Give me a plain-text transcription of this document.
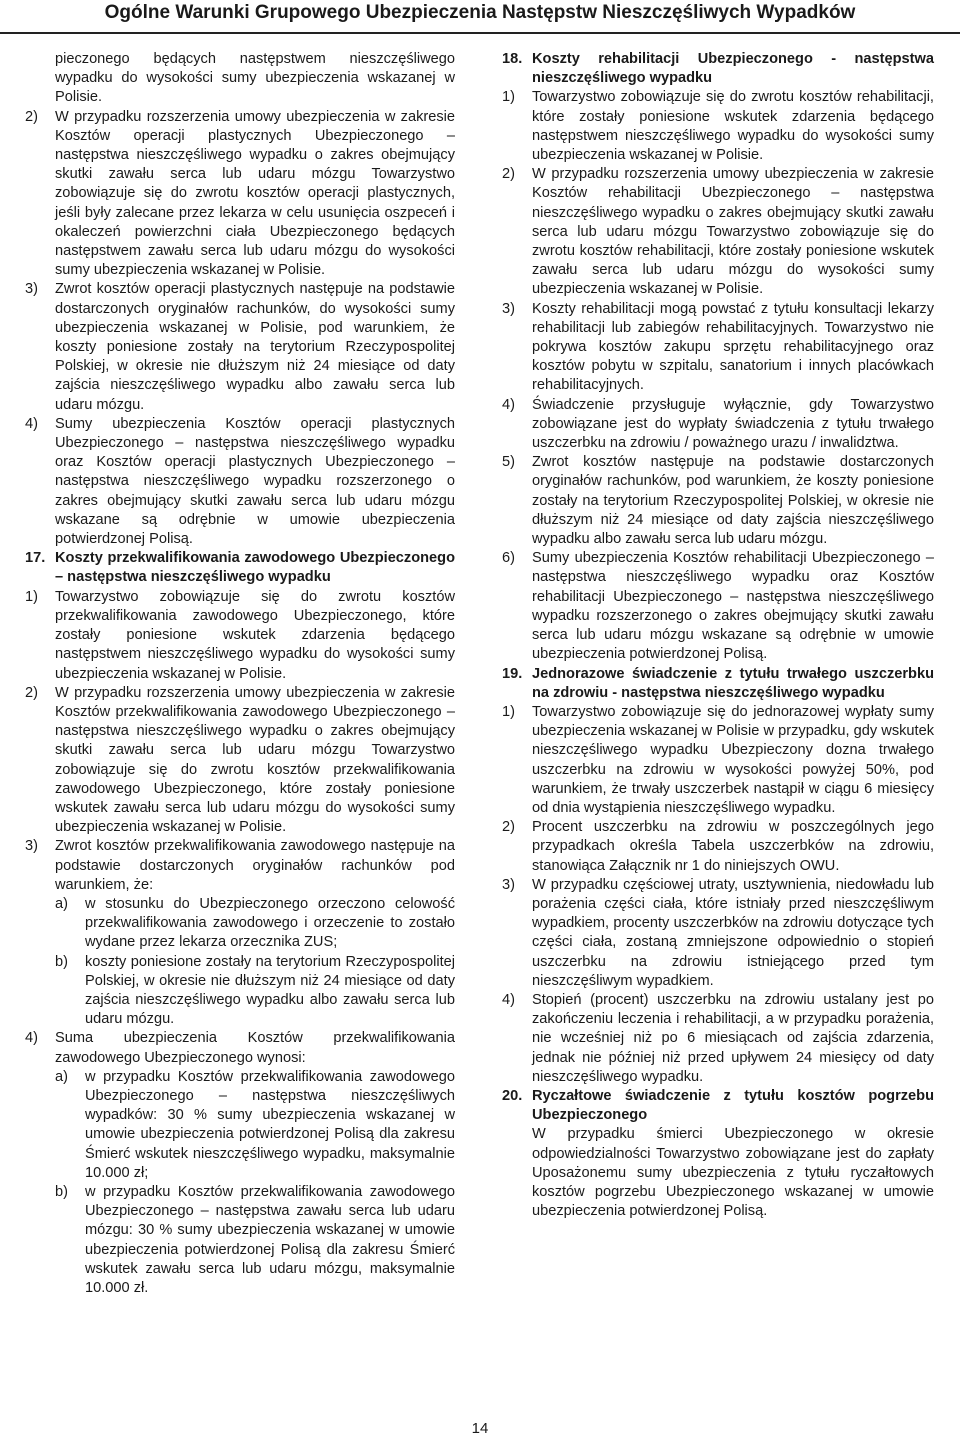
Ogólne Warunki Grupowego Ubezpieczenia Następstw Nieszczęśliwych Wypadków

pieczonego będących następstwem nieszczęśliwego wypadku do wysokości sumy ubezpieczenia wskazanej w Polisie.

2) W przypadku rozszerzenia umowy ubezpieczenia w zakresie Kosztów operacji plastycznych Ubezpieczonego – następstwa nieszczęśliwego wypadku o zakres obejmujący skutki zawału serca lub udaru mózgu Towarzystwo zobowiązuje się do zwrotu kosztów operacji plastycznych, jeśli były zalecane przez lekarza w celu usunięcia oszpeceń i okaleczeń powierzchni ciała Ubezpieczonego będących następstwem zawału serca lub udaru mózgu do wysokości sumy ubezpieczenia wskazanej w Polisie.
3) Zwrot kosztów operacji plastycznych następuje na podstawie dostarczonych oryginałów rachunków, do wysokości sumy ubezpieczenia wskazanej w Polisie, pod warunkiem, że koszty poniesione zostały na terytorium Rzeczypospolitej Polskiej, w okresie nie dłuższym niż 24 miesiące od daty zajścia nieszczęśliwego wypadku albo zawału serca lub udaru mózgu.
4) Sumy ubezpieczenia Kosztów operacji plastycznych Ubezpieczonego – następstwa nieszczęśliwego wypadku oraz Kosztów operacji plastycznych Ubezpieczonego – następstwa nieszczęśliwego wypadku rozszerzonego o zakres obejmujący skutki zawału serca lub udaru mózgu wskazane są odrębnie w umowie ubezpieczenia potwierdzonej Polisą.
17. Koszty przekwalifikowania zawodowego Ubezpieczonego – następstwa nieszczęśliwego wypadku
1) Towarzystwo zobowiązuje się do zwrotu kosztów przekwalifikowania zawodowego Ubezpieczonego, które zostały poniesione wskutek zdarzenia będącego następstwem nieszczęśliwego wypadku do wysokości sumy ubezpieczenia wskazanej w Polisie.
2) W przypadku rozszerzenia umowy ubezpieczenia w zakresie Kosztów przekwalifikowania zawodowego Ubezpieczonego – następstwa nieszczęśliwego wypadku o zakres obejmujący skutki zawału serca lub udaru mózgu Towarzystwo zobowiązuje się do zwrotu kosztów przekwalifikowania zawodowego Ubezpieczonego, które zostały poniesione wskutek zawału serca lub udaru mózgu do wysokości sumy ubezpieczenia wskazanej w Polisie.
3) Zwrot kosztów przekwalifikowania zawodowego następuje na podstawie dostarczonych oryginałów rachunków pod warunkiem, że:
a) w stosunku do Ubezpieczonego orzeczono celowość przekwalifikowania zawodowego i orzeczenie to zostało wydane przez lekarza orzecznika ZUS;
b) koszty poniesione zostały na terytorium Rzeczypospolitej Polskiej, w okresie nie dłuższym niż 24 miesiące od daty zajścia nieszczęśliwego wypadku albo zawału serca lub udaru mózgu.
4) Suma ubezpieczenia Kosztów przekwalifikowania zawodowego Ubezpieczonego wynosi:
a) w przypadku Kosztów przekwalifikowania zawodowego Ubezpieczonego – następstwa nieszczęśliwych wypadków: 30 % sumy ubezpieczenia wskazanej w umowie ubezpieczenia potwierdzonej Polisą dla zakresu Śmierć wskutek nieszczęśliwego wypadku, maksymalnie 10.000 zł;
b) w przypadku Kosztów przekwalifikowania zawodowego Ubezpieczonego – następstwa zawału serca lub udaru mózgu: 30 % sumy ubezpieczenia wskazanej w umowie ubezpieczenia potwierdzonej Polisą dla zakresu Śmierć wskutek zawału serca lub udaru mózgu, maksymalnie 10.000 zł.
18. Koszty rehabilitacji Ubezpieczonego - następstwa nieszczęśliwego wypadku
1) Towarzystwo zobowiązuje się do zwrotu kosztów rehabilitacji, które zostały poniesione wskutek zdarzenia będącego następstwem nieszczęśliwego wypadku do wysokości sumy ubezpieczenia wskazanej w Polisie.
2) W przypadku rozszerzenia umowy ubezpieczenia w zakresie Kosztów rehabilitacji Ubezpieczonego – następstwa nieszczęśliwego wypadku o zakres obejmujący skutki zawału serca lub udaru mózgu Towarzystwo zobowiązuje się do zwrotu kosztów rehabilitacji, które zostały poniesione wskutek zawału serca lub udaru mózgu do wysokości sumy ubezpieczenia wskazanej w Polisie.
3) Koszty rehabilitacji mogą powstać z tytułu konsultacji lekarzy rehabilitacji lub zabiegów rehabilitacyjnych. Towarzystwo nie pokrywa kosztów zakupu sprzętu rehabilitacyjnego oraz kosztów pobytu w szpitalu, sanatorium i innych placówkach rehabilitacyjnych.
4) Świadczenie przysługuje wyłącznie, gdy Towarzystwo zobowiązane jest do wypłaty świadczenia z tytułu trwałego uszczerbku na zdrowiu / poważnego urazu / inwalidztwa.
5) Zwrot kosztów następuje na podstawie dostarczonych oryginałów rachunków, pod warunkiem, że koszty poniesione zostały na terytorium Rzeczypospolitej Polskiej, w okresie nie dłuższym niż 24 miesiące od daty zajścia nieszczęśliwego wypadku albo zawału serca lub udaru mózgu.
6) Sumy ubezpieczenia Kosztów rehabilitacji Ubezpieczonego – następstwa nieszczęśliwego wypadku oraz Kosztów rehabilitacji Ubezpieczonego – następstwa nieszczęśliwego wypadku rozszerzonego o zakres obejmujący skutki zawału serca lub udaru mózgu wskazane są odrębnie w umowie ubezpieczenia potwierdzonej Polisą.
19. Jednorazowe świadczenie z tytułu trwałego uszczerbku na zdrowiu - następstwa nieszczęśliwego wypadku
1) Towarzystwo zobowiązuje się do jednorazowej wypłaty sumy ubezpieczenia wskazanej w Polisie w przypadku, gdy wskutek nieszczęśliwego wypadku Ubezpieczony dozna trwałego uszczerbku na zdrowiu w wysokości powyżej 50%, pod warunkiem, że trwały uszczerbek nastąpił w ciągu 6 miesięcy od dnia wystąpienia nieszczęśliwego wypadku.
2) Procent uszczerbku na zdrowiu w poszczególnych jego przypadkach określa Tabela uszczerbków na zdrowiu, stanowiąca Załącznik nr 1 do niniejszych OWU.
3) W przypadku częściowej utraty, usztywnienia, niedowładu lub porażenia części ciała, które istniały przed nieszczęśliwym wypadkiem, procenty uszczerbków na zdrowiu dotyczące tych części ciała, zostaną zmniejszone odpowiednio o stopień uszczerbku na zdrowiu istniejącego przed tym nieszczęśliwym wypadkiem.
4) Stopień (procent) uszczerbku na zdrowiu ustalany jest po zakończeniu leczenia i rehabilitacji, a w przypadku porażenia, nie wcześniej niż po 6 miesiącach od zajścia zdarzenia, jednak nie później niż przed upływem 24 miesięcy od daty nieszczęśliwego wypadku.
20. Ryczałtowe świadczenie z tytułu kosztów pogrzebu Ubezpieczonego

W przypadku śmierci Ubezpieczonego w okresie odpowiedzialności Towarzystwo zobowiązane jest do zapłaty Uposażonemu sumy ubezpieczenia z tytułu ryczałtowych kosztów pogrzebu Ubezpieczonego wskazanej w umowie ubezpieczenia potwierdzonej Polisą.

14
